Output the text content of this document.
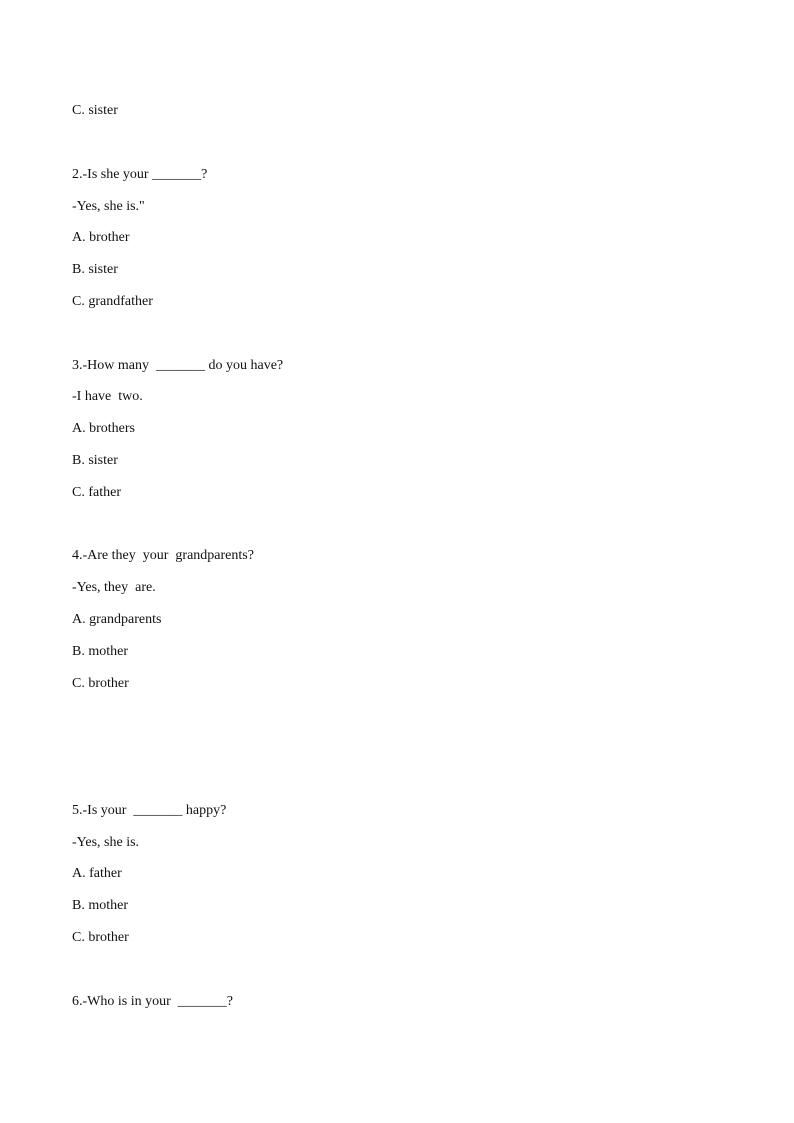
C. sister
2.-Is she your _______?
-Yes, she is."
A. brother
B. sister
C. grandfather
3.-How many  _______ do you have?
-I have  two.
A. brothers
B. sister
C. father
4.-Are they  your  grandparents?
-Yes, they  are.
A. grandparents
B. mother
C. brother
5.-Is your  _______ happy?
-Yes, she is.
A. father
B. mother
C. brother
6.-Who is in your  _______?
